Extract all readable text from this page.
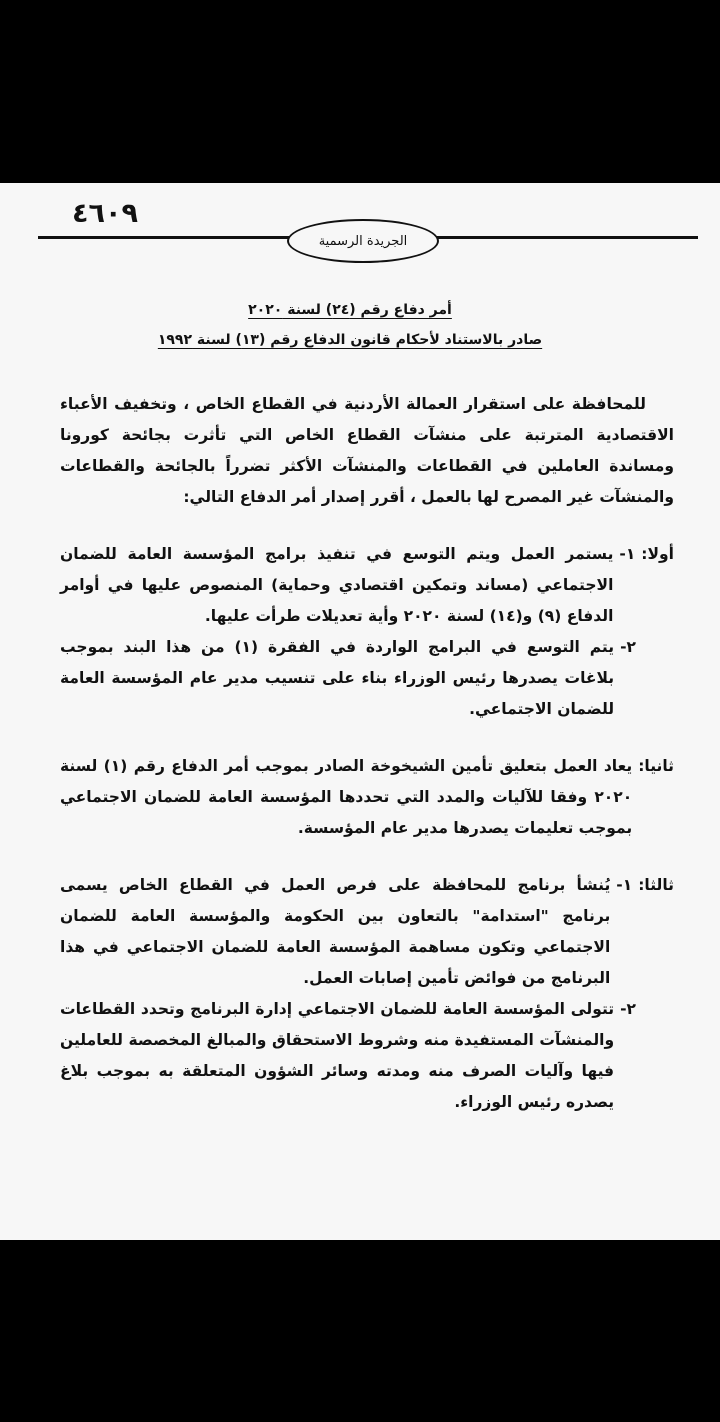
٤٦٠٩
الجريدة الرسمية
أمر دفاع رقم (٢٤) لسنة ٢٠٢٠
صادر بالاستناد لأحكام قانون الدفاع رقم (١٣) لسنة ١٩٩٢

للمحافظة على استقرار العمالة الأردنية في القطاع الخاص ، وتخفيف الأعباء الاقتصادية المترتبة على منشآت القطاع الخاص التي تأثرت بجائحة كورونا ومساندة العاملين في القطاعات والمنشآت الأكثر تضرراً بالجائحة والقطاعات والمنشآت غير المصرح لها بالعمل ، أقرر إصدار أمر الدفاع التالي:

أولا:
١-
يستمر العمل ويتم التوسع في تنفيذ برامج المؤسسة العامة للضمان الاجتماعي (مساند وتمكين اقتصادي وحماية) المنصوص عليها في أوامر الدفاع (٩) و(١٤) لسنة ٢٠٢٠ وأية تعديلات طرأت عليها.
٢-
يتم التوسع في البرامج الواردة في الفقرة (١) من هذا البند بموجب بلاغات يصدرها رئيس الوزراء بناء على تنسيب مدير عام المؤسسة العامة للضمان الاجتماعي.
ثانيا:
يعاد العمل بتعليق تأمين الشيخوخة الصادر بموجب أمر الدفاع رقم (١) لسنة ٢٠٢٠ وفقا للآليات والمدد التي تحددها المؤسسة العامة للضمان الاجتماعي بموجب تعليمات يصدرها مدير عام المؤسسة.
ثالثا:
١-
يُنشأ برنامج للمحافظة على فرص العمل في القطاع الخاص يسمى برنامج "استدامة" بالتعاون بين الحكومة والمؤسسة العامة للضمان الاجتماعي وتكون مساهمة المؤسسة العامة للضمان الاجتماعي في هذا البرنامج من فوائض تأمين إصابات العمل.
٢-
تتولى المؤسسة العامة للضمان الاجتماعي إدارة البرنامج وتحدد القطاعات والمنشآت المستفيدة منه وشروط الاستحقاق والمبالغ المخصصة للعاملين فيها وآليات الصرف منه ومدته وسائر الشؤون المتعلقة به بموجب بلاغ يصدره رئيس الوزراء.
